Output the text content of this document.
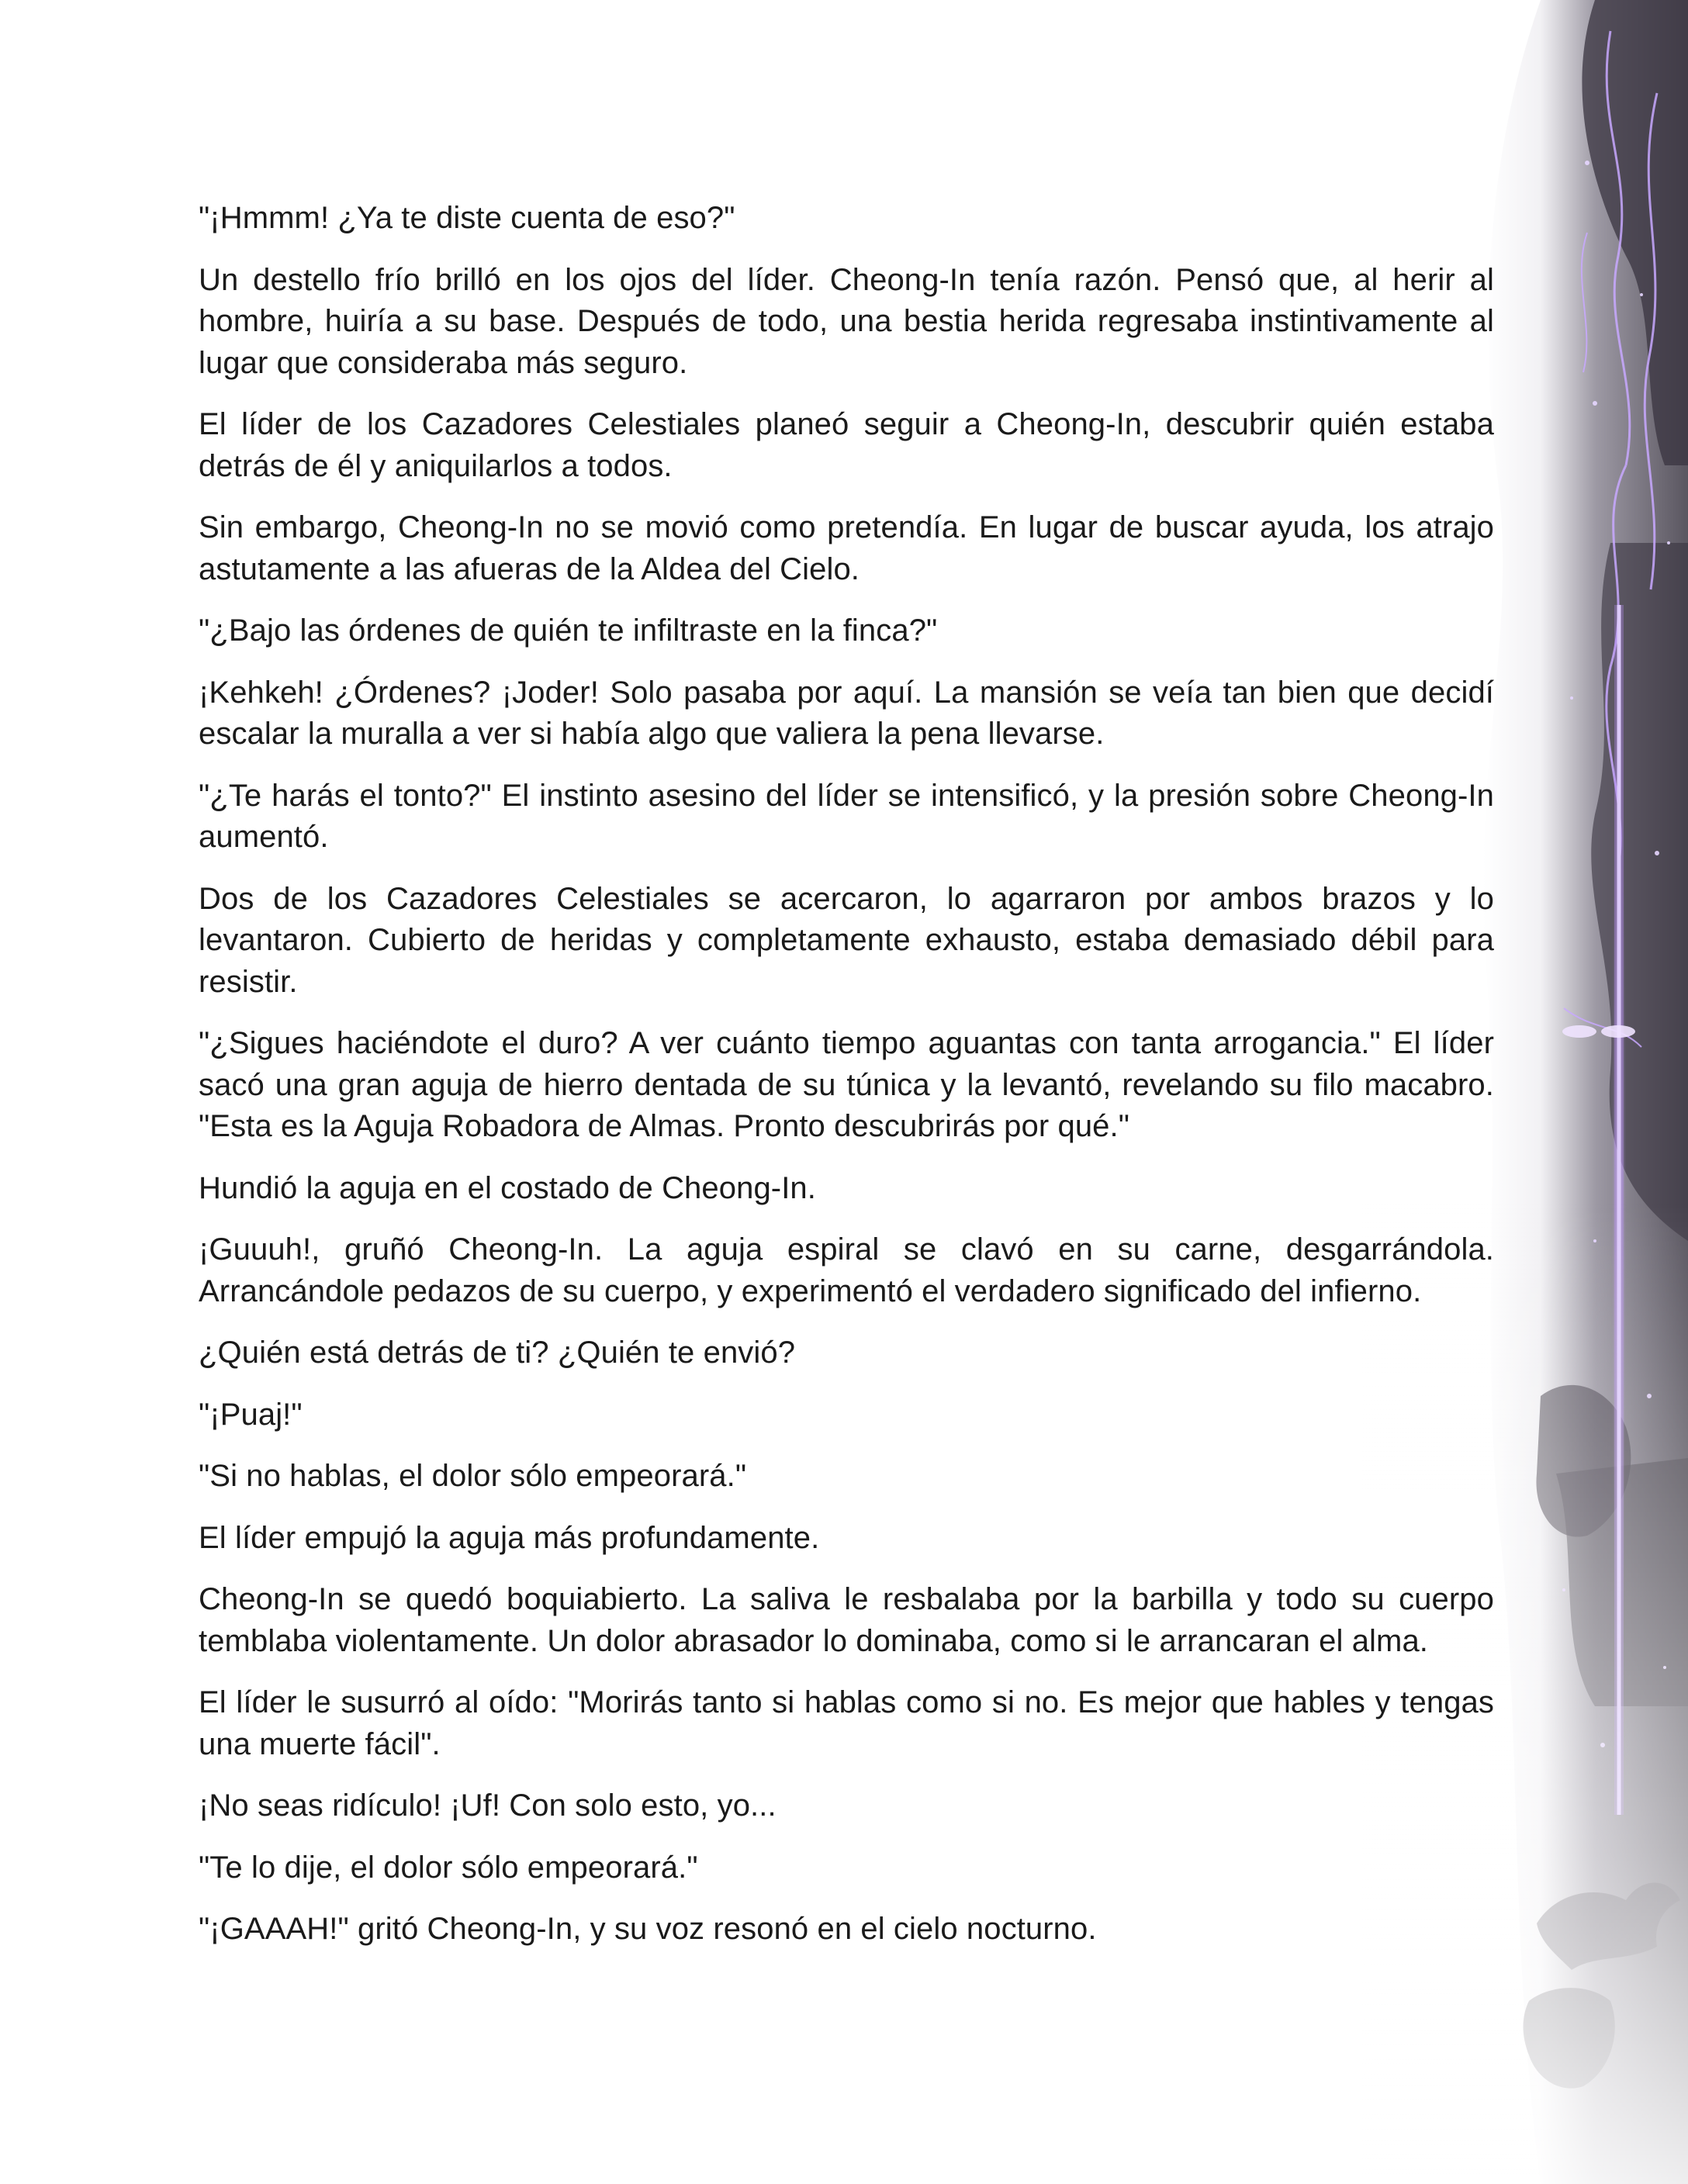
"¡Hmmm! ¿Ya te diste cuenta de eso?"

Un destello frío brilló en los ojos del líder. Cheong-In tenía razón. Pensó que, al herir al hombre, huiría a su base. Después de todo, una bestia herida regresaba instintivamente al lugar que consideraba más seguro.

El líder de los Cazadores Celestiales planeó seguir a Cheong-In, descubrir quién estaba detrás de él y aniquilarlos a todos.

Sin embargo, Cheong-In no se movió como pretendía. En lugar de buscar ayuda, los atrajo astutamente a las afueras de la Aldea del Cielo.

"¿Bajo las órdenes de quién te infiltraste en la finca?"

¡Kehkeh! ¿Órdenes? ¡Joder! Solo pasaba por aquí. La mansión se veía tan bien que decidí escalar la muralla a ver si había algo que valiera la pena llevarse.

"¿Te harás el tonto?" El instinto asesino del líder se intensificó, y la presión sobre Cheong-In aumentó.

Dos de los Cazadores Celestiales se acercaron, lo agarraron por ambos brazos y lo levantaron. Cubierto de heridas y completamente exhausto, estaba demasiado débil para resistir.

"¿Sigues haciéndote el duro? A ver cuánto tiempo aguantas con tanta arrogancia." El líder sacó una gran aguja de hierro dentada de su túnica y la levantó, revelando su filo macabro. "Esta es la Aguja Robadora de Almas. Pronto descubrirás por qué."

Hundió la aguja en el costado de Cheong-In.

¡Guuuh!, gruñó Cheong-In. La aguja espiral se clavó en su carne, desgarrándola. Arrancándole pedazos de su cuerpo, y experimentó el verdadero significado del infierno.

¿Quién está detrás de ti? ¿Quién te envió?

"¡Puaj!"

"Si no hablas, el dolor sólo empeorará."

El líder empujó la aguja más profundamente.

Cheong-In se quedó boquiabierto. La saliva le resbalaba por la barbilla y todo su cuerpo temblaba violentamente. Un dolor abrasador lo dominaba, como si le arrancaran el alma.

El líder le susurró al oído: "Morirás tanto si hablas como si no. Es mejor que hables y tengas una muerte fácil".

¡No seas ridículo! ¡Uf! Con solo esto, yo...

"Te lo dije, el dolor sólo empeorará."

"¡GAAAH!" gritó Cheong-In, y su voz resonó en el cielo nocturno.
